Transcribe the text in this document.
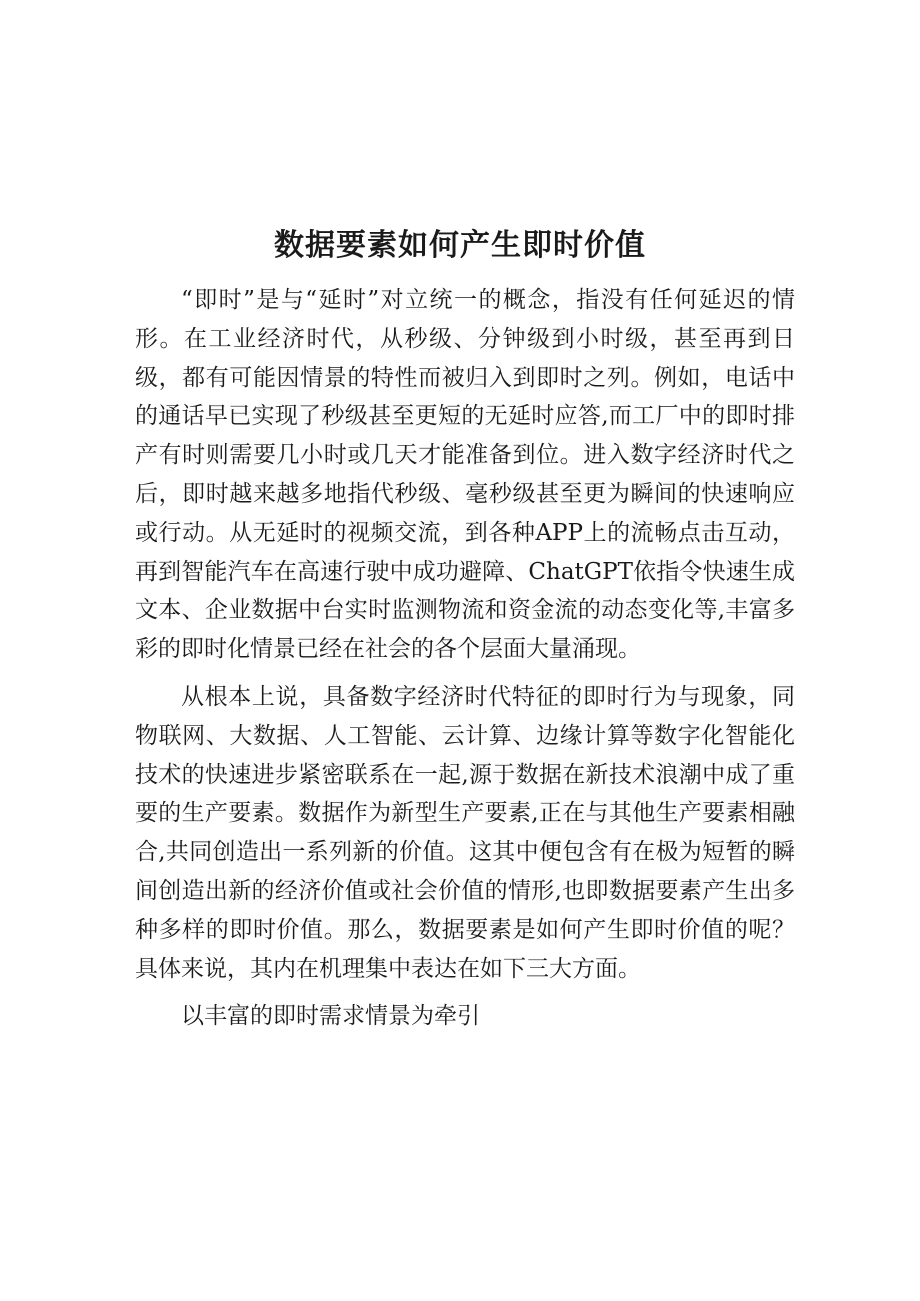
数据要素如何产生即时价值

“即时”是与“延时”对立统一的概念，指没有任何延迟的情形。在工业经济时代，从秒级、分钟级到小时级，甚至再到日级，都有可能因情景的特性而被归入到即时之列。例如，电话中的通话早已实现了秒级甚至更短的无延时应答,而工厂中的即时排产有时则需要几小时或几天才能准备到位。进入数字经济时代之后，即时越来越多地指代秒级、毫秒级甚至更为瞬间的快速响应或行动。从无延时的视频交流，到各种APP上的流畅点击互动，再到智能汽车在高速行驶中成功避障、ChatGPT依指令快速生成文本、企业数据中台实时监测物流和资金流的动态变化等,丰富多彩的即时化情景已经在社会的各个层面大量涌现。

从根本上说，具备数字经济时代特征的即时行为与现象，同物联网、大数据、人工智能、云计算、边缘计算等数字化智能化技术的快速进步紧密联系在一起,源于数据在新技术浪潮中成了重要的生产要素。数据作为新型生产要素,正在与其他生产要素相融合,共同创造出一系列新的价值。这其中便包含有在极为短暂的瞬间创造出新的经济价值或社会价值的情形,也即数据要素产生出多种多样的即时价值。那么，数据要素是如何产生即时价值的呢？具体来说，其内在机理集中表达在如下三大方面。

以丰富的即时需求情景为牵引
